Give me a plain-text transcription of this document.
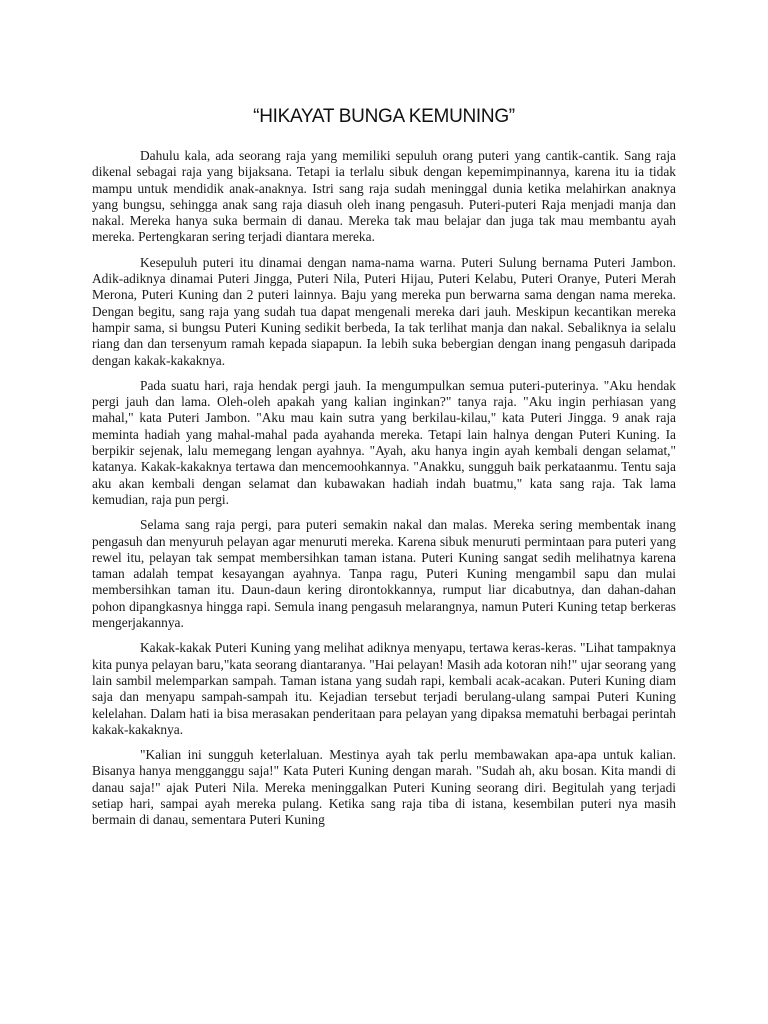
“HIKAYAT BUNGA KEMUNING”

Dahulu kala, ada seorang raja yang memiliki sepuluh orang puteri yang cantik-cantik. Sang raja dikenal sebagai raja yang bijaksana. Tetapi ia terlalu sibuk dengan kepemimpinannya, karena itu ia tidak mampu untuk mendidik anak-anaknya. Istri sang raja sudah meninggal dunia ketika melahirkan anaknya yang bungsu, sehingga anak sang raja diasuh oleh inang pengasuh. Puteri-puteri Raja menjadi manja dan nakal. Mereka hanya suka bermain di danau. Mereka tak mau belajar dan juga tak mau membantu ayah mereka. Pertengkaran sering terjadi diantara mereka.

Kesepuluh puteri itu dinamai dengan nama-nama warna. Puteri Sulung bernama Puteri Jambon. Adik-adiknya dinamai Puteri Jingga, Puteri Nila, Puteri Hijau, Puteri Kelabu, Puteri Oranye, Puteri Merah Merona, Puteri Kuning dan 2 puteri lainnya. Baju yang mereka pun berwarna sama dengan nama mereka. Dengan begitu, sang raja yang sudah tua dapat mengenali mereka dari jauh. Meskipun kecantikan mereka hampir sama, si bungsu Puteri Kuning sedikit berbeda, Ia tak terlihat manja dan nakal. Sebaliknya ia selalu riang dan dan tersenyum ramah kepada siapapun. Ia lebih suka bebergian dengan inang pengasuh daripada dengan kakak-kakaknya.

Pada suatu hari, raja hendak pergi jauh. Ia mengumpulkan semua puteri-puterinya. "Aku hendak pergi jauh dan lama. Oleh-oleh apakah yang kalian inginkan?" tanya raja. "Aku ingin perhiasan yang mahal," kata Puteri Jambon. "Aku mau kain sutra yang berkilau-kilau," kata Puteri Jingga. 9 anak raja meminta hadiah yang mahal-mahal pada ayahanda mereka. Tetapi lain halnya dengan Puteri Kuning. Ia berpikir sejenak, lalu memegang lengan ayahnya. "Ayah, aku hanya ingin ayah kembali dengan selamat," katanya. Kakak-kakaknya tertawa dan mencemoohkannya. "Anakku, sungguh baik perkataanmu. Tentu saja aku akan kembali dengan selamat dan kubawakan hadiah indah buatmu," kata sang raja. Tak lama kemudian, raja pun pergi.

Selama sang raja pergi, para puteri semakin nakal dan malas. Mereka sering membentak inang pengasuh dan menyuruh pelayan agar menuruti mereka. Karena sibuk menuruti permintaan para puteri yang rewel itu, pelayan tak sempat membersihkan taman istana. Puteri Kuning sangat sedih melihatnya karena taman adalah tempat kesayangan ayahnya. Tanpa ragu, Puteri Kuning mengambil sapu dan mulai membersihkan taman itu. Daun-daun kering dirontokkannya, rumput liar dicabutnya, dan dahan-dahan pohon dipangkasnya hingga rapi. Semula inang pengasuh melarangnya, namun Puteri Kuning tetap berkeras mengerjakannya.

Kakak-kakak Puteri Kuning yang melihat adiknya menyapu, tertawa keras-keras. "Lihat tampaknya kita punya pelayan baru,"kata seorang diantaranya. "Hai pelayan! Masih ada kotoran nih!" ujar seorang yang lain sambil melemparkan sampah. Taman istana yang sudah rapi, kembali acak-acakan. Puteri Kuning diam saja dan menyapu sampah-sampah itu. Kejadian tersebut terjadi berulang-ulang sampai Puteri Kuning kelelahan. Dalam hati ia bisa merasakan penderitaan para pelayan yang dipaksa mematuhi berbagai perintah kakak-kakaknya.

"Kalian ini sungguh keterlaluan. Mestinya ayah tak perlu membawakan apa-apa untuk kalian. Bisanya hanya mengganggu saja!" Kata Puteri Kuning dengan marah. "Sudah ah, aku bosan. Kita mandi di danau saja!" ajak Puteri Nila. Mereka meninggalkan Puteri Kuning seorang diri. Begitulah yang terjadi setiap hari, sampai ayah mereka pulang. Ketika sang raja tiba di istana, kesembilan puteri nya masih bermain di danau, sementara Puteri Kuning
